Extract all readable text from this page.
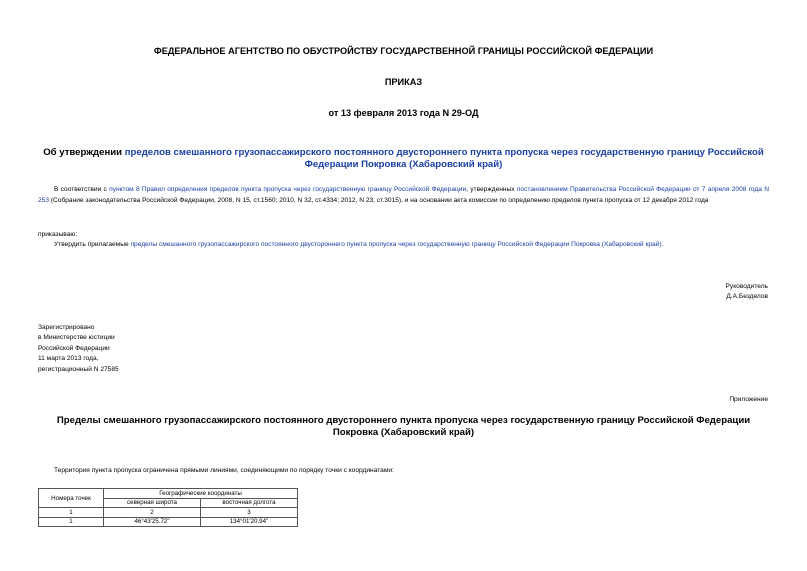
ФЕДЕРАЛЬНОЕ АГЕНТСТВО ПО ОБУСТРОЙСТВУ ГОСУДАРСТВЕННОЙ ГРАНИЦЫ РОССИЙСКОЙ ФЕДЕРАЦИИ
ПРИКАЗ
от 13 февраля 2013 года N 29-ОД
Об утверждении пределов смешанного грузопассажирского постоянного двустороннего пункта пропуска через государственную границу Российской Федерации Покровка (Хабаровский край)
В соответствии с пунктом 8 Правил определения пределов пункта пропуска через государственную границу Российской Федерации, утвержденных постановлением Правительства Российской Федерации от 7 апреля 2008 года N 253 (Собрание законодательства Российской Федерации, 2008, N 15, ст.1560; 2010, N 32, ст.4334; 2012, N 23, ст.3015), и на основании акта комиссии по определению пределов пункта пропуска от 12 декабря 2012 года
приказываю:
Утвердить прилагаемые пределы смешанного грузопассажирского постоянного двустороннего пункта пропуска через государственную границу Российской Федерации Покровка (Хабаровский край).
Руководитель
Д.А.Безделов
Зарегистрировано
в Министерстве юстиции
Российской Федерации
11 марта 2013 года,
регистрационный N 27585
Приложение
Пределы смешанного грузопассажирского постоянного двустороннего пункта пропуска через государственную границу Российской Федерации Покровка (Хабаровский край)
Территория пункта пропуска ограничена прямыми линиями, соединяющими по порядку точки с координатами:
Номера точек	Географические координаты	
	северная широта	восточная долгота
1	2	3
1	46°43'25.72"	134°01'20.94"
